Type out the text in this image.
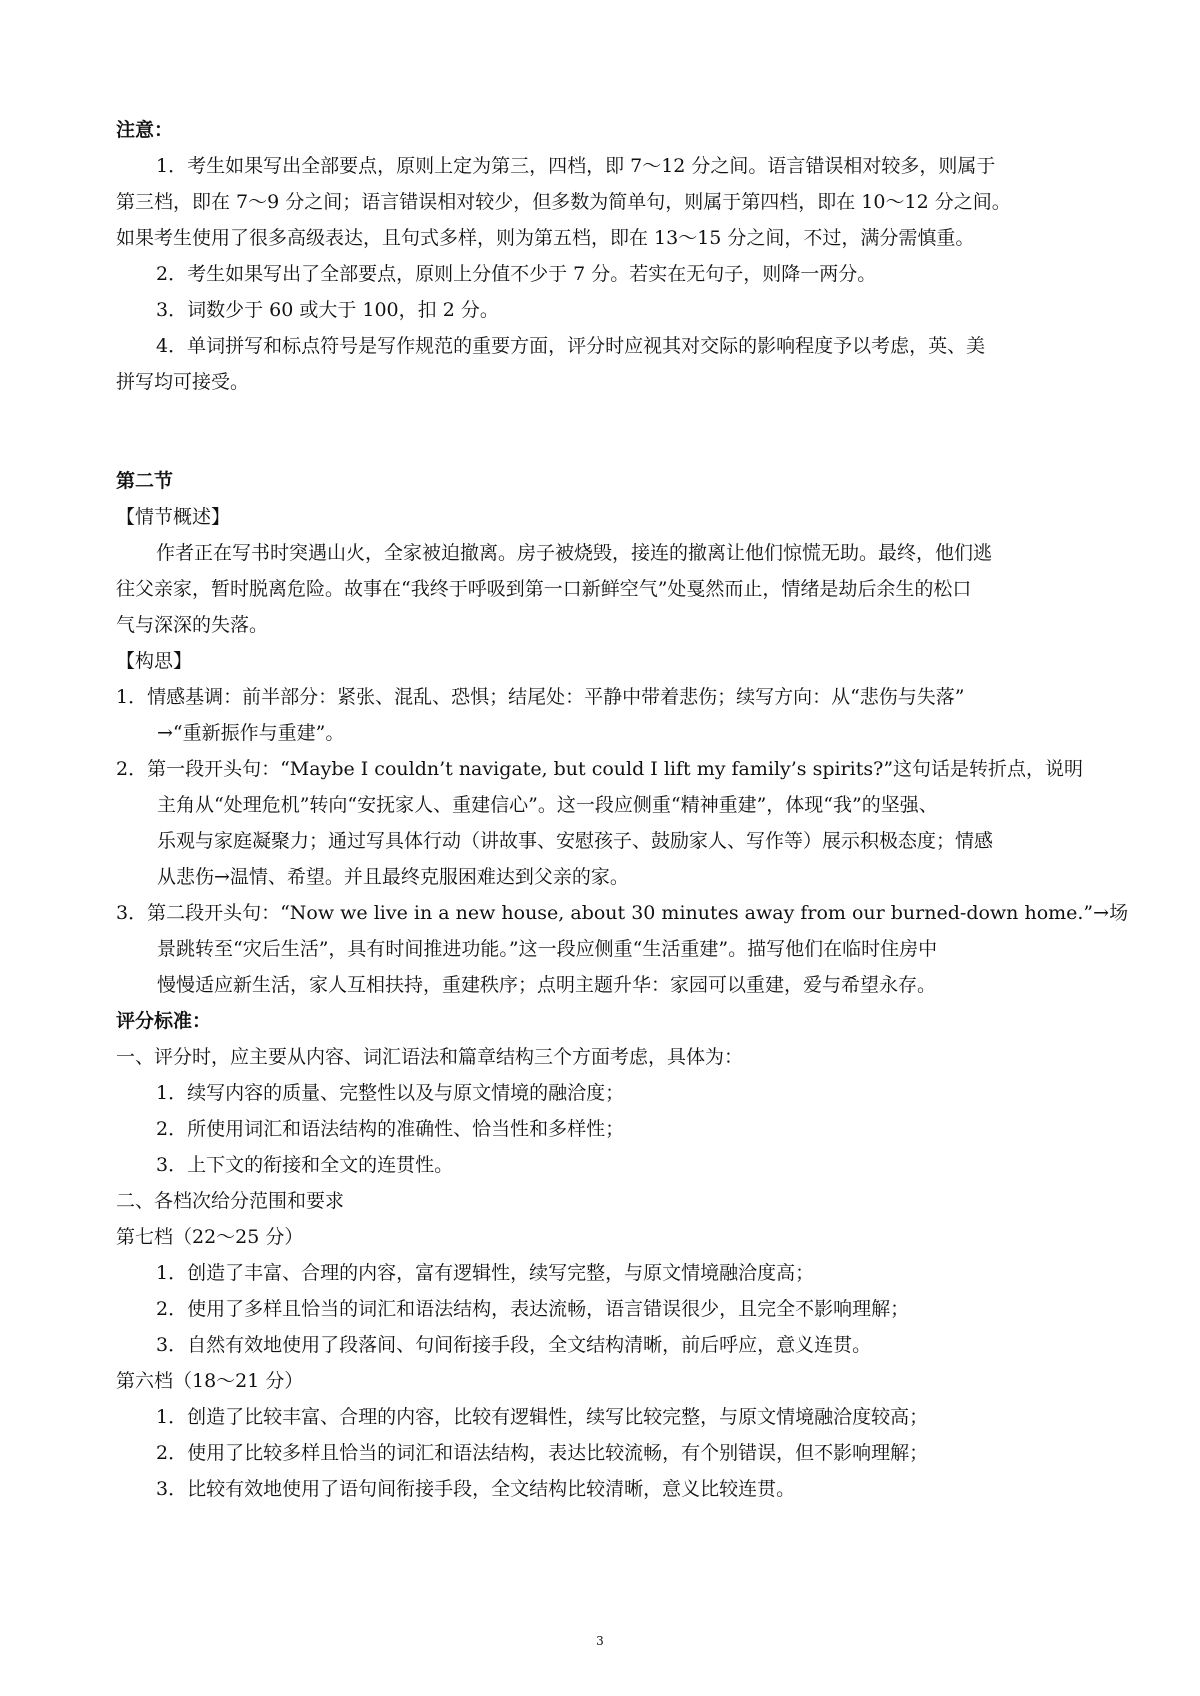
注意：
1．考生如果写出全部要点，原则上定为第三，四档，即 7～12 分之间。语言错误相对较多，则属于
第三档，即在 7～9 分之间；语言错误相对较少，但多数为简单句，则属于第四档，即在 10～12 分之间。
如果考生使用了很多高级表达，且句式多样，则为第五档，即在 13～15 分之间，不过，满分需慎重。
2．考生如果写出了全部要点，原则上分值不少于 7 分。若实在无句子，则降一两分。
3．词数少于 60 或大于 100，扣 2 分。
4．单词拼写和标点符号是写作规范的重要方面，评分时应视其对交际的影响程度予以考虑，英、美
拼写均可接受。
第二节
【情节概述】
作者正在写书时突遇山火，全家被迫撤离。房子被烧毁，接连的撤离让他们惊慌无助。最终，他们逃
往父亲家，暂时脱离危险。故事在“我终于呼吸到第一口新鲜空气”处戛然而止，情绪是劫后余生的松口
气与深深的失落。
【构思】
1．情感基调：前半部分：紧张、混乱、恐惧；结尾处：平静中带着悲伤；续写方向：从“悲伤与失落”
→“重新振作与重建”。
2．第一段开头句：“Maybe I couldn’t navigate, but could I lift my family’s spirits?”这句话是转折点，说明
主角从“处理危机”转向“安抚家人、重建信心”。这一段应侧重“精神重建”，体现“我”的坚强、
乐观与家庭凝聚力；通过写具体行动（讲故事、安慰孩子、鼓励家人、写作等）展示积极态度；情感
从悲伤→温情、希望。并且最终克服困难达到父亲的家。
3．第二段开头句：“Now we live in a new house, about 30 minutes away from our burned-down home.”→场
景跳转至“灾后生活”，具有时间推进功能。”这一段应侧重“生活重建”。描写他们在临时住房中
慢慢适应新生活，家人互相扶持，重建秩序；点明主题升华：家园可以重建，爱与希望永存。
评分标准：
一、评分时，应主要从内容、词汇语法和篇章结构三个方面考虑，具体为：
1．续写内容的质量、完整性以及与原文情境的融洽度；
2．所使用词汇和语法结构的准确性、恰当性和多样性；
3．上下文的衔接和全文的连贯性。
二、各档次给分范围和要求
第七档（22～25 分）
1．创造了丰富、合理的内容，富有逻辑性，续写完整，与原文情境融洽度高；
2．使用了多样且恰当的词汇和语法结构，表达流畅，语言错误很少，且完全不影响理解；
3．自然有效地使用了段落间、句间衔接手段，全文结构清晰，前后呼应，意义连贯。
第六档（18～21 分）
1．创造了比较丰富、合理的内容，比较有逻辑性，续写比较完整，与原文情境融洽度较高；
2．使用了比较多样且恰当的词汇和语法结构，表达比较流畅，有个别错误，但不影响理解；
3．比较有效地使用了语句间衔接手段，全文结构比较清晰，意义比较连贯。
3
